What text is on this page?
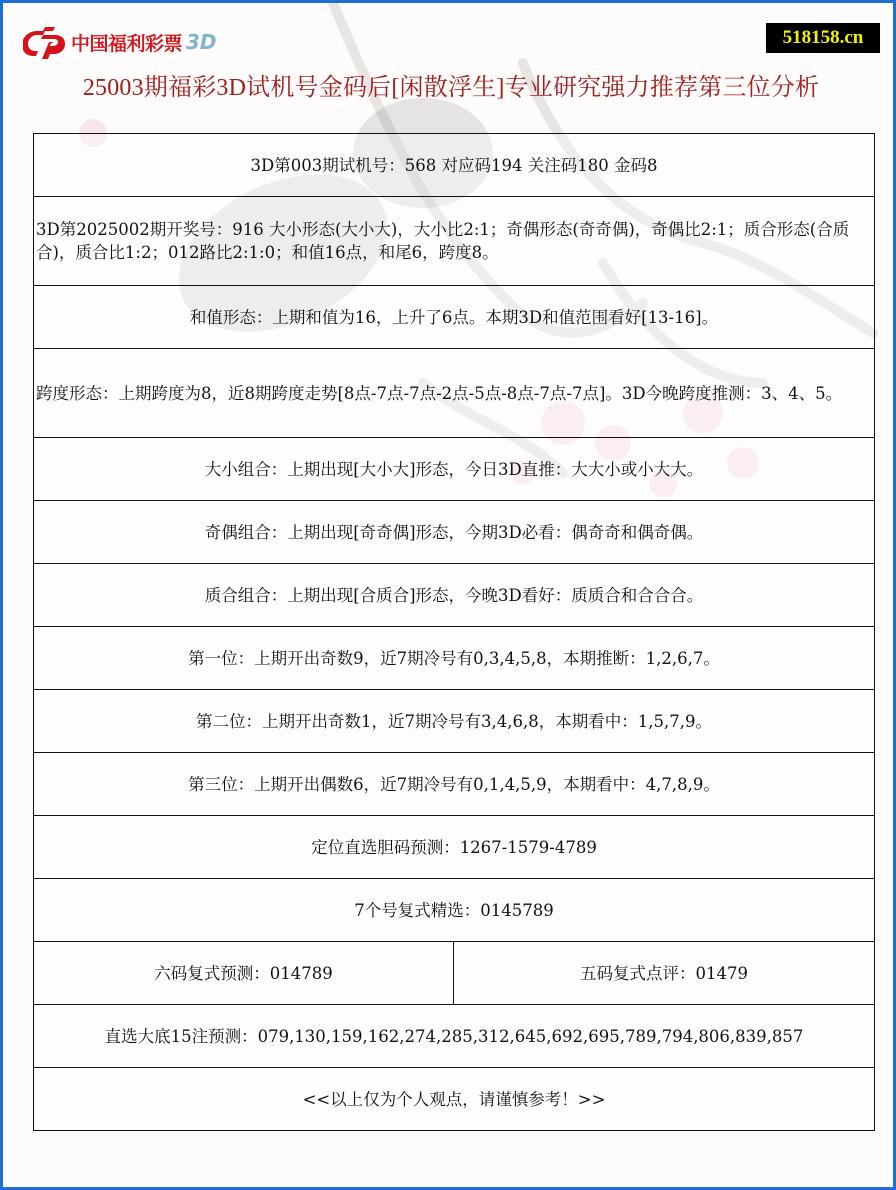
中国福利彩票 3D	518158.cn
25003期福彩3D试机号金码后[闲散浮生]专业研究强力推荐第三位分析
3D第003期试机号：568 对应码194 关注码180 金码8
3D第2025002期开奖号：916 大小形态(大小大)，大小比2:1；奇偶形态(奇奇偶)，奇偶比2:1；质合形态(合质合)，质合比1:2；012路比2:1:0；和值16点，和尾6，跨度8。
和值形态：上期和值为16，上升了6点。本期3D和值范围看好[13-16]。
跨度形态：上期跨度为8，近8期跨度走势[8点-7点-7点-2点-5点-8点-7点-7点]。3D今晚跨度推测：3、4、5。
大小组合：上期出现[大小大]形态，今日3D直推：大大小或小大大。
奇偶组合：上期出现[奇奇偶]形态，今期3D必看：偶奇奇和偶奇偶。
质合组合：上期出现[合质合]形态，今晚3D看好：质质合和合合合。
第一位：上期开出奇数9，近7期冷号有0,3,4,5,8，本期推断：1,2,6,7。
第二位：上期开出奇数1，近7期冷号有3,4,6,8，本期看中：1,5,7,9。
第三位：上期开出偶数6，近7期冷号有0,1,4,5,9，本期看中：4,7,8,9。
定位直选胆码预测：1267-1579-4789
7个号复式精选：0145789
六码复式预测：014789	五码复式点评：01479
直选大底15注预测：079,130,159,162,274,285,312,645,692,695,789,794,806,839,857
<<以上仅为个人观点，请谨慎参考！>>
